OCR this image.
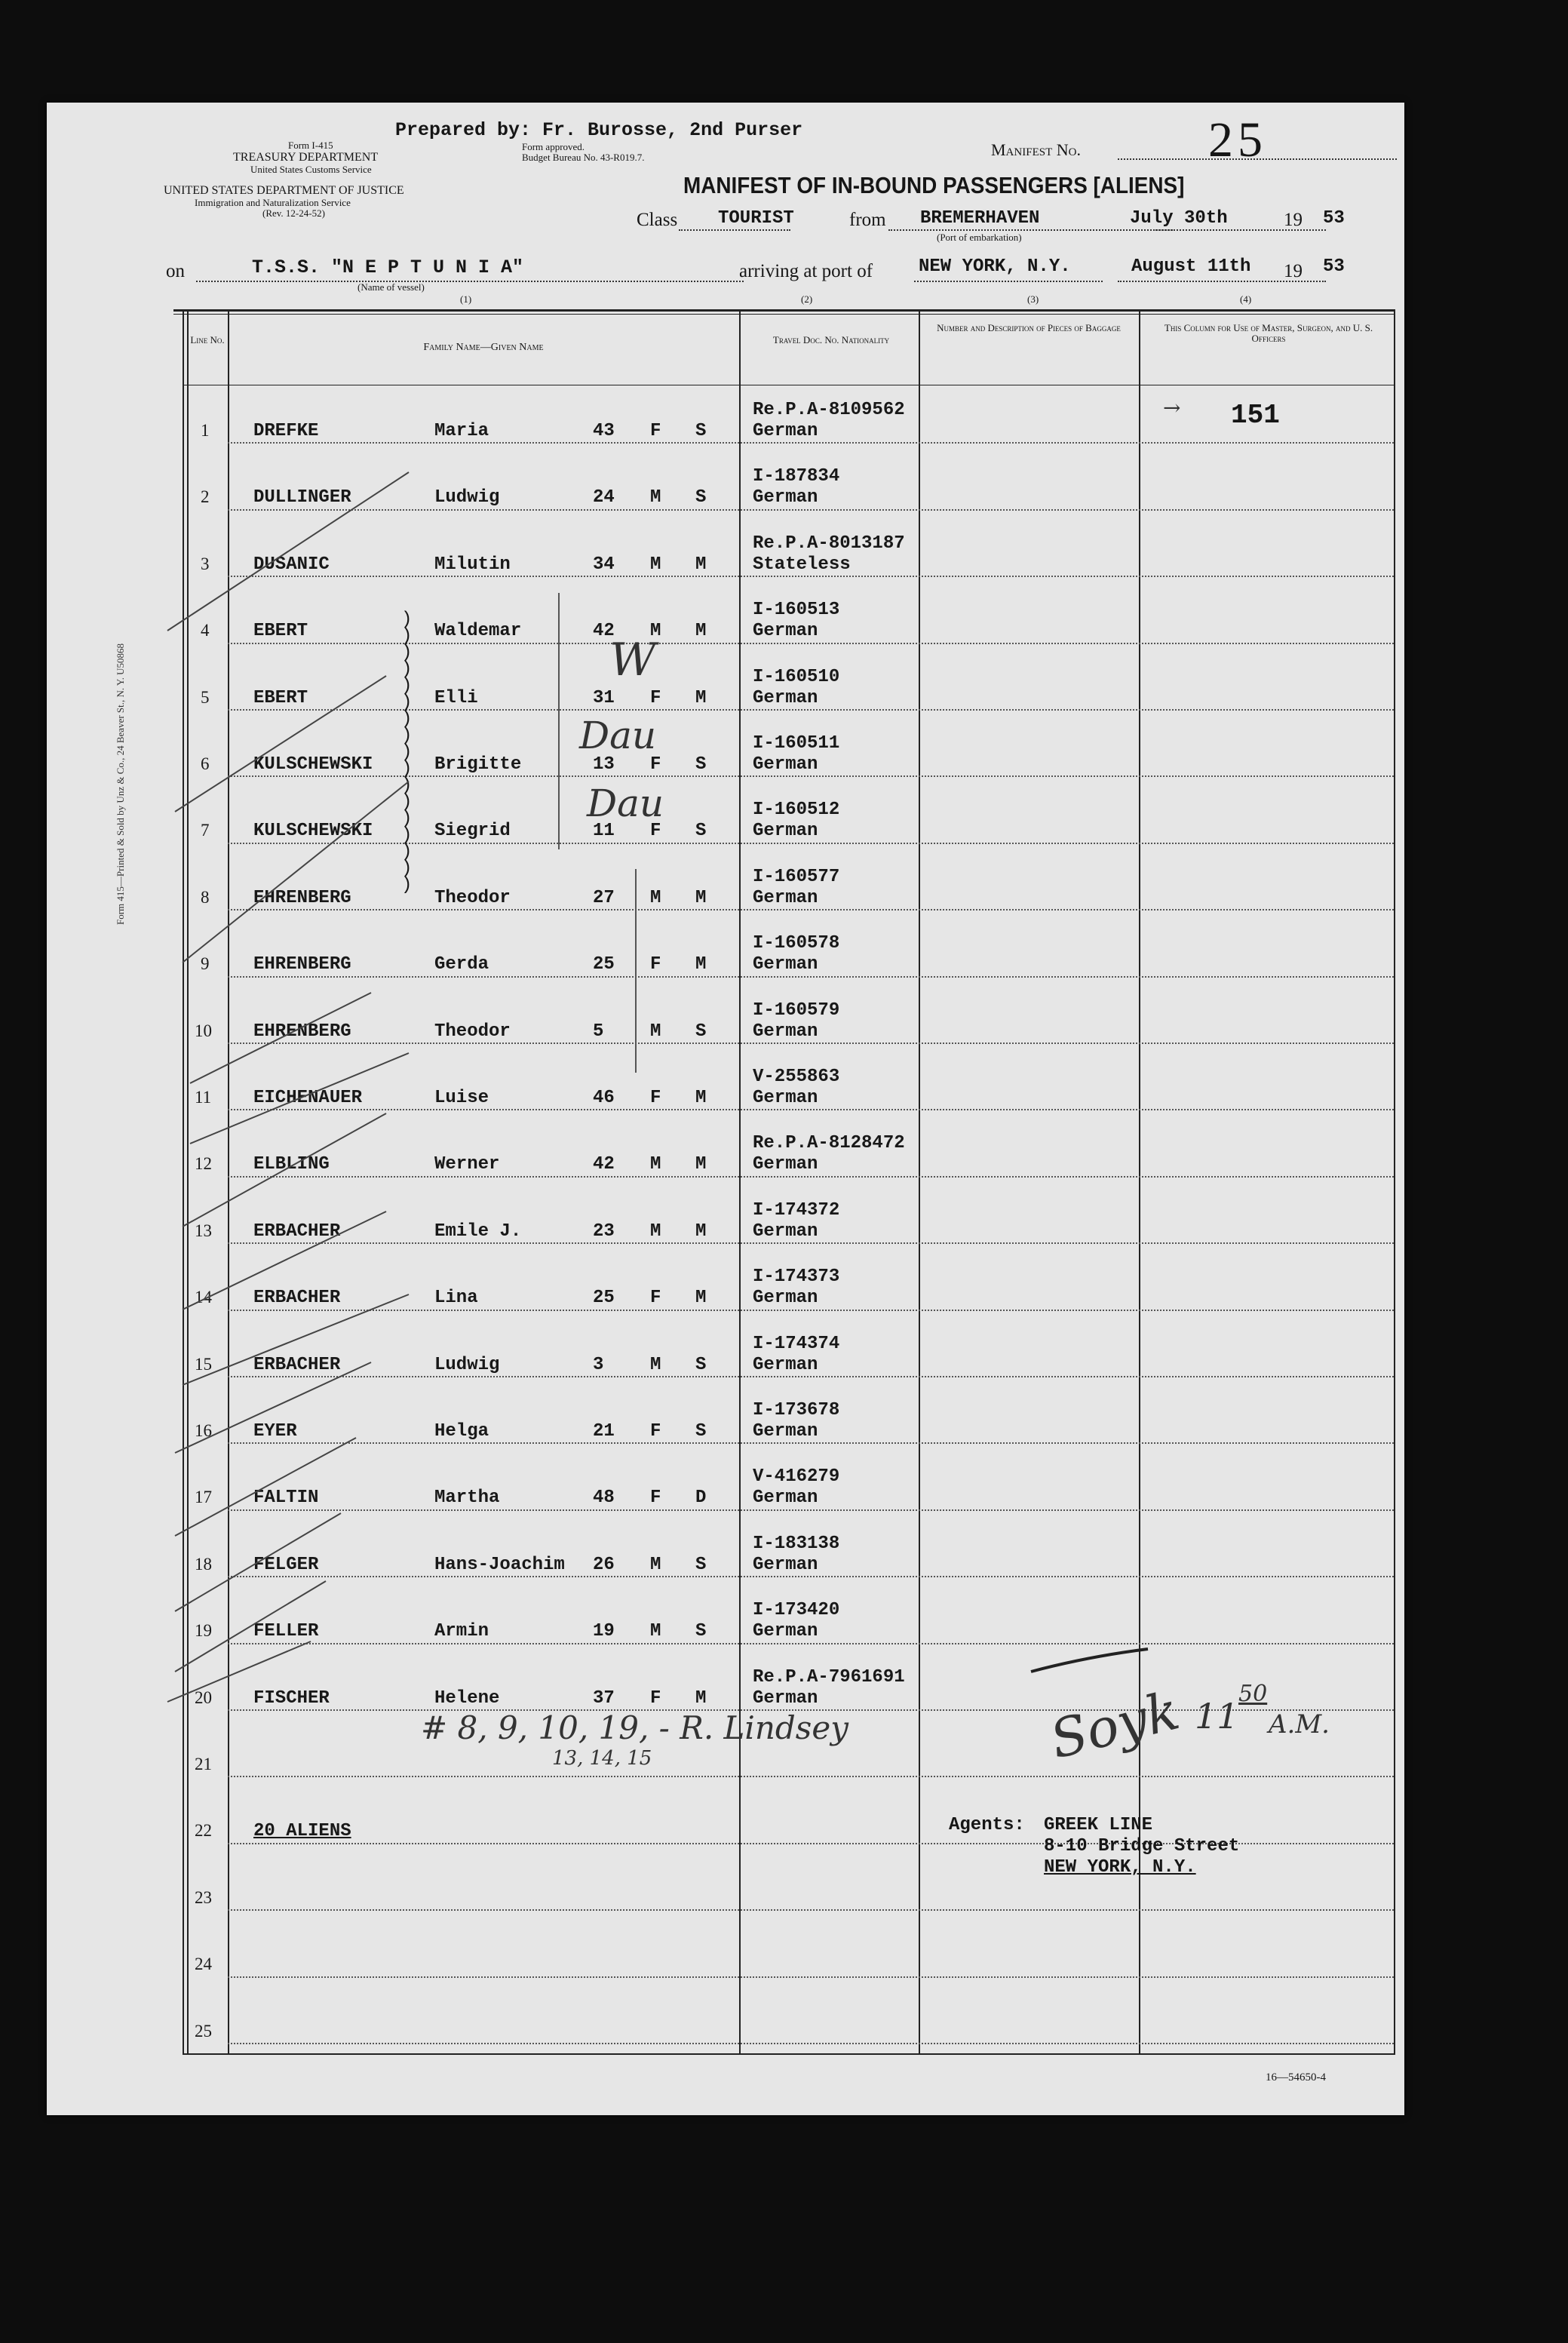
Form 415—Printed & Sold by Unz & Co., 24 Beaver St., N. Y. U50868
Prepared by: Fr. Burosse, 2nd Purser
Form I-415
TREASURY DEPARTMENT
United States Customs Service
Form approved.
Budget Bureau No. 43-R019.7.
UNITED STATES DEPARTMENT OF JUSTICE
Immigration and Naturalization Service
(Rev. 12-24-52)
Manifest No.	25
MANIFEST OF IN-BOUND PASSENGERS [ALIENS]
Class TOURIST	from BREMERHAVEN
(Port of embarkation)
July 30th	19 53
on	T.S.S. "N E P T U N I A"
(Name of vessel)
(1)
arriving at port of	NEW YORK, N.Y.	August 11th 19 53
(2)	(3)	(4)
Line No.
Family Name—Given Name
Travel Doc. No. Nationality
Number and Description of Pieces of Baggage	This Column for Use of Master, Surgeon, and U. S. Officers
1 DREFKE	Maria	43 F S
Re.P.A-8109562
German
2 DULLINGER	Ludwig	24 M S
I-187834
German
3 DUSANIC	Milutin	34 M M
Re.P.A-8013187
Stateless
4 EBERT	Waldemar	42 M M
I-160513
German
5 EBERT	Elli	31 F M
I-160510
German
6 KULSCHEWSKI	Brigitte	13 F S
I-160511
German
7 KULSCHEWSKI	Siegrid	11 F S
I-160512
German
8 EHRENBERG	Theodor	27 M M
I-160577
German
9 EHRENBERG	Gerda	25 F M
I-160578
German
10 EHRENBERG	Theodor	5	M S
I-160579
German
11 EICHENAUER	Luise	46 F M
V-255863
German
12 ELBLING	Werner	42 M M
Re.P.A-8128472
German
13 ERBACHER	Emile J.	23 M M
I-174372
German
14 ERBACHER	Lina	25 F M
I-174373
German
15 ERBACHER	Ludwig	3	M S
I-174374
German
16 EYER	Helga	21 F S
I-173678
German
17 FALTIN	Martha	48 F D
V-416279
German
18 FELGER	Hans-Joachim 26 M S
I-183138
German
19 FELLER	Armin	19 M S
I-173420
German
20 FISCHER	Helene	37 F M
Re.P.A-7961691
German
21
22 20 ALIENS
23
24
25
)
)
)
)
)
)
)
)
)
)
)
)
)
)
)
)
)
→ 151
W
Dau
Dau
# 8, 9, 10, 19, - R. Lindsey
13, 14, 15	Soyk 11
50
A.M.
Agents: GREEK LINE
8-10 Bridge Street
NEW YORK, N.Y.
16—54650-4
